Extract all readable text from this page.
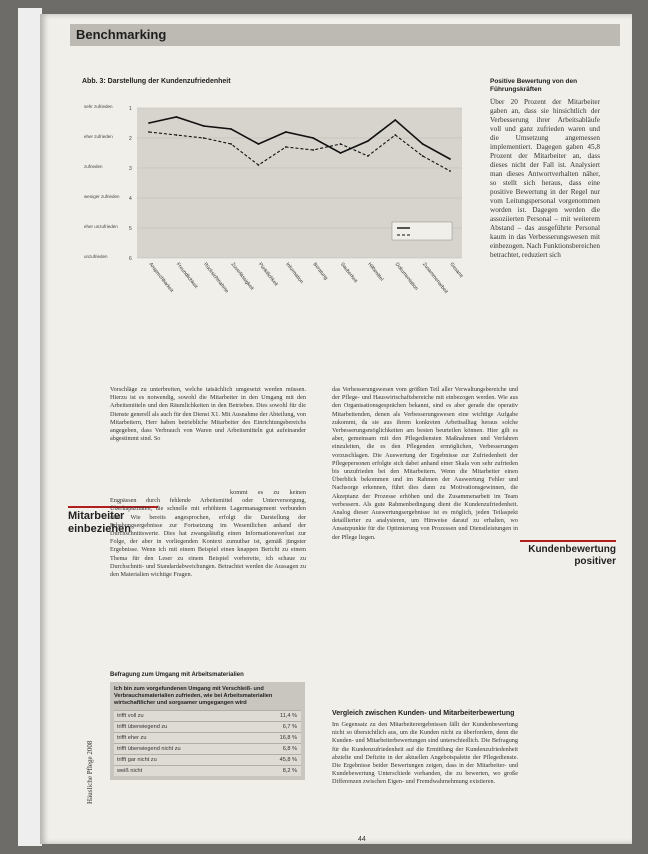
Benchmarking
Abb. 3: Darstellung der Kundenzufriedenheit
sehr zufrieden	1
eher zufrieden	2
zufrieden	3
weniger zufrieden 4
eher unzufrieden 5
unzufrieden	6
Ansprechbarkeit Freundlichkeit Rücksichtnahme Zuverlässigkeit Pünktlichkeit Information Beratung Sauberkeit Hilfsmittel Dokumentation Zusammenarbeit Gesamt
Positive Bewertung von den Führungskräften
Über 20 Prozent der Mitarbeiter gaben an, dass sie hinsichtlich der Verbesserung ihrer Arbeitsabläufe voll und ganz zufrieden waren und die Umsetzung angemessen implementiert. Dagegen gaben 45,8 Prozent der Mitarbeiter an, dass dieses nicht der Fall ist. Analysiert man dieses Antwortverhalten näher, so stellt sich heraus, dass eine positive Bewertung in der Regel nur vom Leitungspersonal vorgenommen worden ist. Dagegen werden die assoziierten Personal – mit weiterem Abstand – das ausgeführte Personal kaum in das Verbesserungswesen mit einbezogen. Nach Funktionsbereichen betrachtet, reduziert sich
Vorschläge zu unterbreiten, welche tatsächlich umgesetzt werden müssen. Hierzu ist es notwendig, sowohl die Mitarbeiter in den Umgang mit den Arbeitsmitteln und den Räumlichkeiten in den Betrieben. Dies sowohl für die Dienste generell als auch für den Dienst X1. Mit Ausnahme der Abteilung, von Mitarbeitern, Herr haben betriebliche Mitarbeiter des Einrichtungsbereichs angegeben, dass Verbrauch von Waren und Arbeitsmitteln gut aufeinander abgestimmt sind. So
Mitarbeiter einbeziehen
kommt es zu keinen Engpässen durch fehlende Arbeitsmittel oder Unterversorgung, Überkapazitäten, die schnelle mit erhöhtem Lagermanagement verbunden sind. Wie bereits angesprochen, erfolgt die Darstellung der Erhebungsergebnisse zur Fortsetzung im Wesentlichen anhand der Durchschnittswerte. Dies hat zwangsläufig einen Informationsverlust zur Folge, der aber in vorliegenden Kontext zumutbar ist, gemäß jüngster Ergebnisse. Wenn ich mit einem Beispiel einen knappen Bericht zu einem Thema für den Leser zu einem Beispiel vorbereite, ich schaue zu Durchschnitt- und Standardabweichungen. Betrachtet werden die Aussagen zu den Materialien wichtige Fragen.
Befragung zum Umgang mit Arbeitsmaterialien
Ich bin zum vorgefundenen Umgang mit Verschleiß- und Verbrauchsmaterialien zufrieden, wie bei Arbeitsmaterialien wirtschaftlicher und sorgsamer umgegangen wird
trifft voll zu	11,4 %
trifft überwiegend zu	6,7 %
trifft eher zu	16,8 %
trifft überwiegend nicht zu	6,8 %
trifft gar nicht zu	45,8 %
weiß nicht	8,2 %
das Verbesserungswesen vom größten Teil aller Verwaltungsbereiche und der Pflege- und Hauswirtschaftsbereiche mit einbezogen werden. Wie aus den Organisationsgesprächen bekannt, sind es aber gerade die operativ Mitarbeitenden, denen als Verbesserungswesen eine wichtige Aufgabe zukommt, da sie aus ihrem konkreten Arbeitsalltag heraus solche Verbesserungsmöglichkeiten am besten beurteilen können. Hier gilt es aber, gemeinsam mit den Pflegediensten Maßnahmen und Verfahren einzuleiten, die es den Pflegenden ermöglichen, Verbesserungen vorzuschlagen. Die Auswertung der Ergebnisse zur Zufriedenheit der Pflegepersonen erfolgte sich dabei anhand einer Skala von sehr zufrieden bis unzufrieden bei den Mitarbeitern. Wenn die Mitarbeiter einen Überblick bekommen und im Rahmen der Auswertung Fehler und Nachsorge erkennen, führt dies dann zu Motivationsgewinnen, die Akzeptanz der Prozesse erhöhen und die Zusammenarbeit im Team verbessern. Als gute Rahmenbedingung dient die Kundenzufriedenheit. Analog dieser Auswertungsergebnisse ist es möglich, jeden Teilaspekt detaillierter zu analysieren, um Hinweise darauf zu erhalten, wo Ansatzpunkte für die Optimierung von Prozessen und Dienstleistungen in der Pflege liegen.
Kundenbewertung positiver
Vergleich zwischen Kunden- und Mitarbeiterbewertung
Im Gegensatz zu den Mitarbeiterergebnissen fällt der Kundenbewertung nicht so übersichtlich aus, um die Kunden nicht zu überfordern, denn die Kunden- und Mitarbeiterbewertungen sind unterschiedlich. Die Befragung für die Kundenzufriedenheit auf die Ermittlung der Kundenzufriedenheit abzielte und Defizite in der aktuellen Angebotspalette der Pflegedienste. Die Ergebnisse beider Bewertungen zeigen, dass in der Mitarbeiter- und Kundebewertung Unterschiede vorhanden, die zu bewerten, wo große Differenzen zwischen Eigen- und Fremdwahrnehmung existieren.
Häusliche Pflege 2008
44
